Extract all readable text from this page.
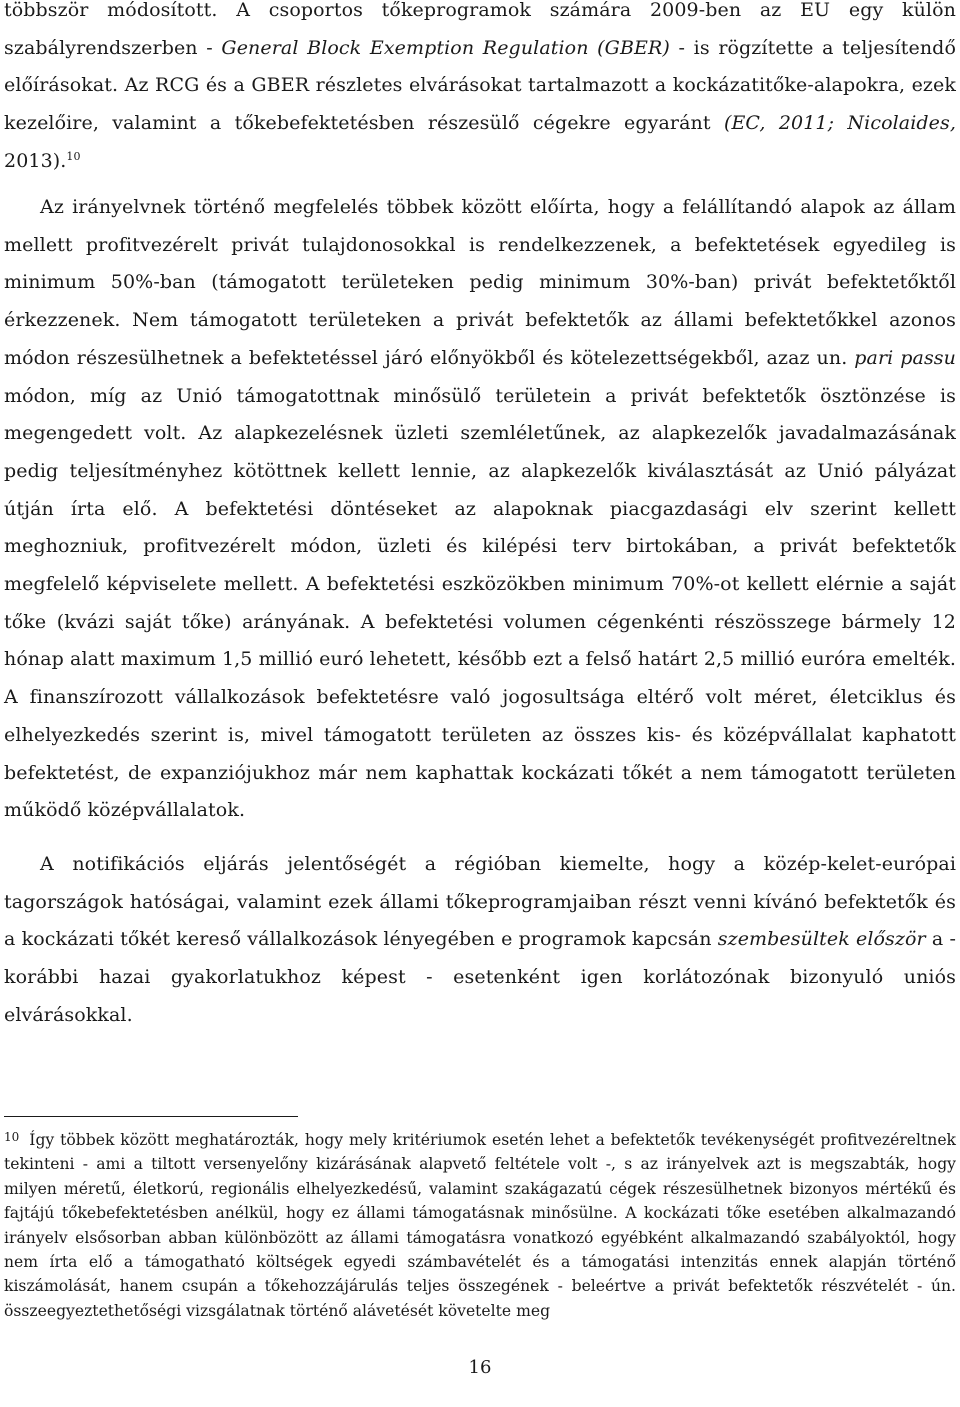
többször módosított. A csoportos tőkeprogramok számára 2009-ben az EU egy külön szabályrendszerben - General Block Exemption Regulation (GBER) - is rögzítette a teljesítendő előírásokat. Az RCG és a GBER részletes elvárásokat tartalmazott a kockázatitőke-alapokra, ezek kezelőire, valamint a tőkebefektetésben részesülő cégekre egyaránt (EC, 2011; Nicolaides, 2013).$^{10}$

Az irányelvnek történő megfelelés többek között előírta, hogy a felállítandó alapok az állam mellett profitvezérelt privát tulajdonosokkal is rendelkezzenek, a befektetések egyedileg is minimum 50%-ban (támogatott területeken pedig minimum 30%-ban) privát befektetőktől érkezzenek. Nem támogatott területeken a privát befektetők az állami befektetőkkel azonos módon részesülhetnek a befektetéssel járó előnyökből és kötelezettségekből, azaz un. pari passu módon, míg az Unió támogatottnak minősülő területein a privát befektetők ösztönzése is megengedett volt. Az alapkezelésnek üzleti szemléletűnek, az alapkezelők javadalmazásának pedig teljesítményhez kötöttnek kellett lennie, az alapkezelők kiválasztását az Unió pályázat útján írta elő. A befektetési döntéseket az alapoknak piacgazdasági elv szerint kellett meghozniuk, profitvezérelt módon, üzleti és kilépési terv birtokában, a privát befektetők megfelelő képviselete mellett. A befektetési eszközökben minimum 70%-ot kellett elérnie a saját tőke (kvázi saját tőke) arányának. A befektetési volumen cégenkénti részösszege bármely 12 hónap alatt maximum 1,5 millió euró lehetett, később ezt a felső határt 2,5 millió euróra emelték. A finanszírozott vállalkozások befektetésre való jogosultsága eltérő volt méret, életciklus és elhelyezkedés szerint is, mivel támogatott területen az összes kis- és középvállalat kaphatott befektetést, de expanziójukhoz már nem kaphattak kockázati tőkét a nem támogatott területen működő középvállalatok.

A notifikációs eljárás jelentőségét a régióban kiemelte, hogy a közép-kelet-európai tagországok hatóságai, valamint ezek állami tőkeprogramjaiban részt venni kívánó befektetők és a kockázati tőkét kereső vállalkozások lényegében e programok kapcsán szembesültek először a - korábbi hazai gyakorlatukhoz képest - esetenként igen korlátozónak bizonyuló uniós elvárásokkal.

$^{10}$ Így többek között meghatározták, hogy mely kritériumok esetén lehet a befektetők tevékenységét profitvezéreltnek tekinteni - ami a tiltott versenyelőny kizárásának alapvető feltétele volt -, s az irányelvek azt is megszabták, hogy milyen méretű, életkorú, regionális elhelyezkedésű, valamint szakágazatú cégek részesülhetnek bizonyos mértékű és fajtájú tőkebefektetésben anélkül, hogy ez állami támogatásnak minősülne. A kockázati tőke esetében alkalmazandó irányelv elsősorban abban különbözött az állami támogatásra vonatkozó egyébként alkalmazandó szabályoktól, hogy nem írta elő a támogatható költségek egyedi számbavételét és a támogatási intenzitás ennek alapján történő kiszámolását, hanem csupán a tőkehozzájárulás teljes összegének - beleértve a privát befektetők részvételét - ún. összeegyeztethetőségi vizsgálatnak történő alávetését követelte meg

16
